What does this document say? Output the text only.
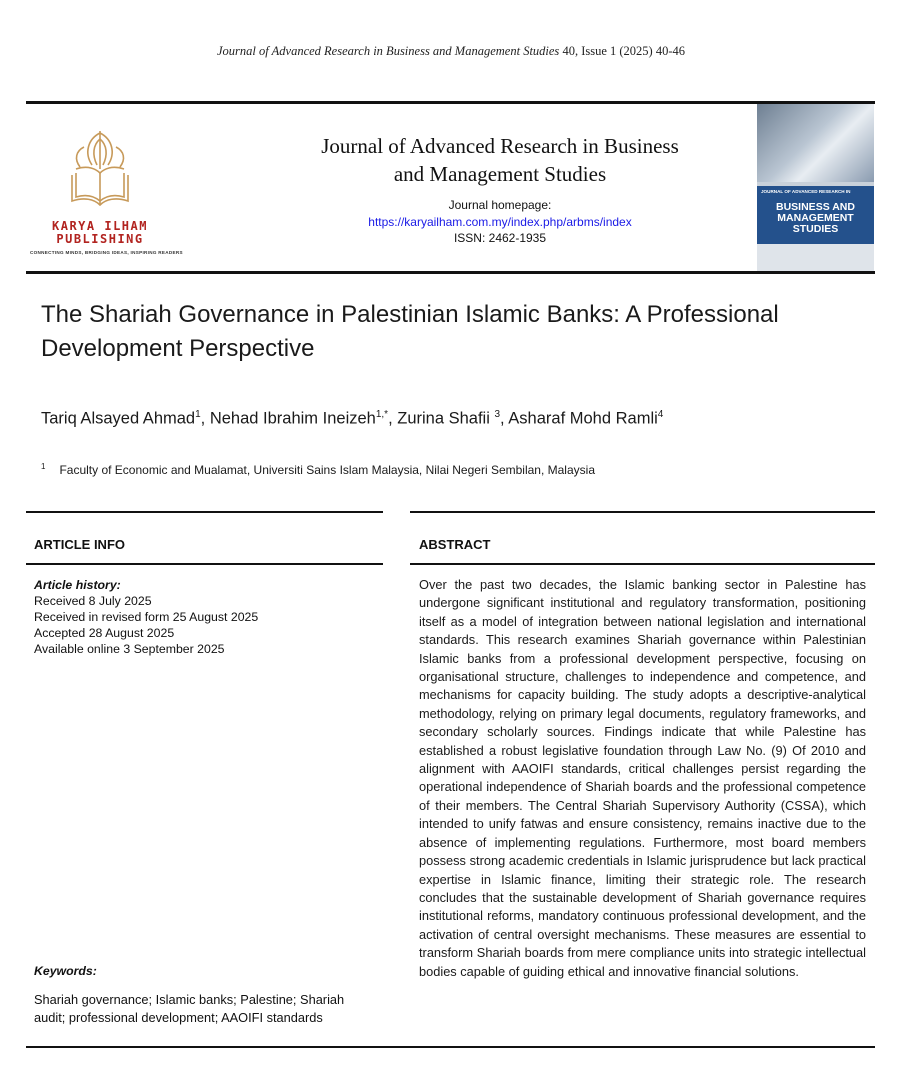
Journal of Advanced Research in Business and Management Studies 40, Issue 1 (2025) 40-46
KARYA ILHAM
PUBLISHING
CONNECTING MINDS, BRIDGING IDEAS, INSPIRING READERS
Journal of Advanced Research in Business
and Management Studies
Journal homepage:
https://karyailham.com.my/index.php/arbms/index
ISSN: 2462-1935
JOURNAL OF ADVANCED RESEARCH IN
BUSINESS AND
MANAGEMENT
STUDIES
The Shariah Governance in Palestinian Islamic Banks: A Professional
Development Perspective
Tariq Alsayed Ahmad$^1$, Nehad Ibrahim Ineizeh$^{1,*}$, Zurina Shafii $^3$, Asharaf Mohd Ramli$^4$
$^1$ Faculty of Economic and Mualamat, Universiti Sains Islam Malaysia, Nilai Negeri Sembilan, Malaysia
ARTICLE INFO	ABSTRACT
Article history:
Received 8 July 2025
Received in revised form 25 August 2025
Accepted 28 August 2025
Available online 3 September 2025
Keywords:
Shariah governance; Islamic banks; Palestine; Shariah audit; professional development; AAOIFI standards
Over the past two decades, the Islamic banking sector in Palestine has undergone significant institutional and regulatory transformation, positioning itself as a model of integration between national legislation and international standards. This research examines Shariah governance within Palestinian Islamic banks from a professional development perspective, focusing on organisational structure, challenges to independence and competence, and mechanisms for capacity building. The study adopts a descriptive-analytical methodology, relying on primary legal documents, regulatory frameworks, and secondary scholarly sources. Findings indicate that while Palestine has established a robust legislative foundation through Law No. (9) Of 2010 and alignment with AAOIFI standards, critical challenges persist regarding the operational independence of Shariah boards and the professional competence of their members. The Central Shariah Supervisory Authority (CSSA), which intended to unify fatwas and ensure consistency, remains inactive due to the absence of implementing regulations. Furthermore, most board members possess strong academic credentials in Islamic jurisprudence but lack practical expertise in Islamic finance, limiting their strategic role. The research concludes that the sustainable development of Shariah governance requires institutional reforms, mandatory continuous professional development, and the activation of central oversight mechanisms. These measures are essential to transform Shariah boards from mere compliance units into strategic intellectual bodies capable of guiding ethical and innovative financial solutions.
